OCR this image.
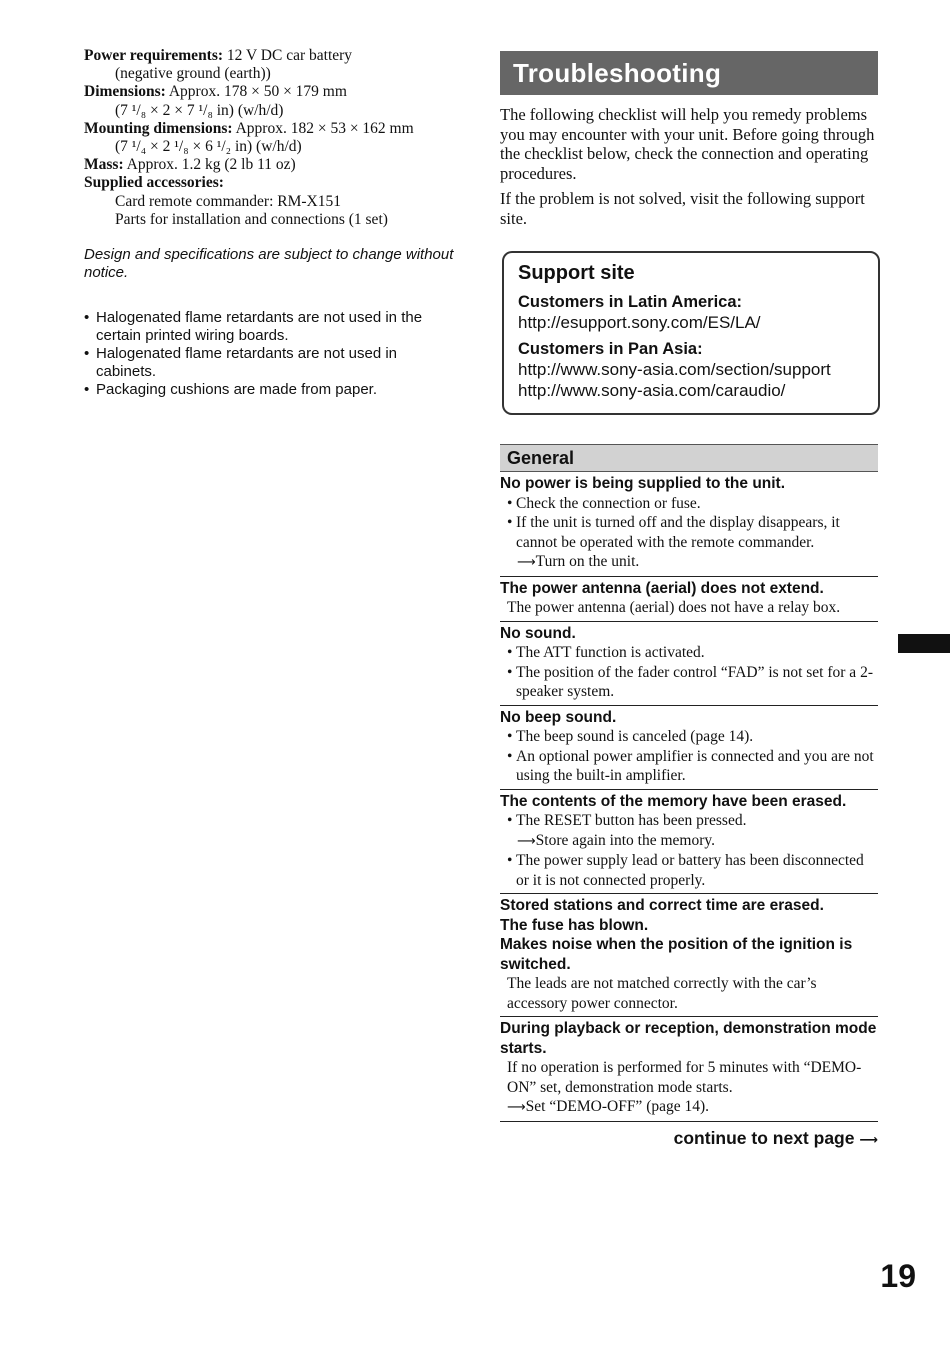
Power requirements: 12 V DC car battery
(negative ground (earth))
Dimensions: Approx. 178 × 50 × 179 mm
(7 ¹/₈ × 2 × 7 ¹/₈ in) (w/h/d)
Mounting dimensions: Approx. 182 × 53 × 162 mm
(7 ¹/₄ × 2 ¹/₈ × 6 ¹/₂ in) (w/h/d)
Mass: Approx. 1.2 kg (2 lb 11 oz)
Supplied accessories:
Card remote commander: RM-X151
Parts for installation and connections (1 set)
Design and specifications are subject to change without notice.
• Halogenated flame retardants are not used in the certain printed wiring boards.
• Halogenated flame retardants are not used in cabinets.
• Packaging cushions are made from paper.
Troubleshooting

The following checklist will help you remedy problems you may encounter with your unit. Before going through the checklist below, check the connection and operating procedures.

If the problem is not solved, visit the following support site.

Support site
Customers in Latin America:
http://esupport.sony.com/ES/LA/
Customers in Pan Asia:
http://www.sony-asia.com/section/support
http://www.sony-asia.com/caraudio/
General
No power is being supplied to the unit.
• Check the connection or fuse.
• If the unit is turned off and the display disappears, it cannot be operated with the remote commander.
⟶Turn on the unit.
The power antenna (aerial) does not extend.
The power antenna (aerial) does not have a relay box.
No sound.
• The ATT function is activated.
• The position of the fader control “FAD” is not set for a 2-speaker system.
No beep sound.
• The beep sound is canceled (page 14).
• An optional power amplifier is connected and you are not using the built-in amplifier.
The contents of the memory have been erased.
• The RESET button has been pressed.
⟶Store again into the memory.
• The power supply lead or battery has been disconnected or it is not connected properly.
Stored stations and correct time are erased.
The fuse has blown.
Makes noise when the position of the ignition is switched.
The leads are not matched correctly with the car’s accessory power connector.
During playback or reception, demonstration mode starts.
If no operation is performed for 5 minutes with “DEMO-ON” set, demonstration mode starts.
⟶Set “DEMO-OFF” (page 14).
continue to next page ⟶
19
